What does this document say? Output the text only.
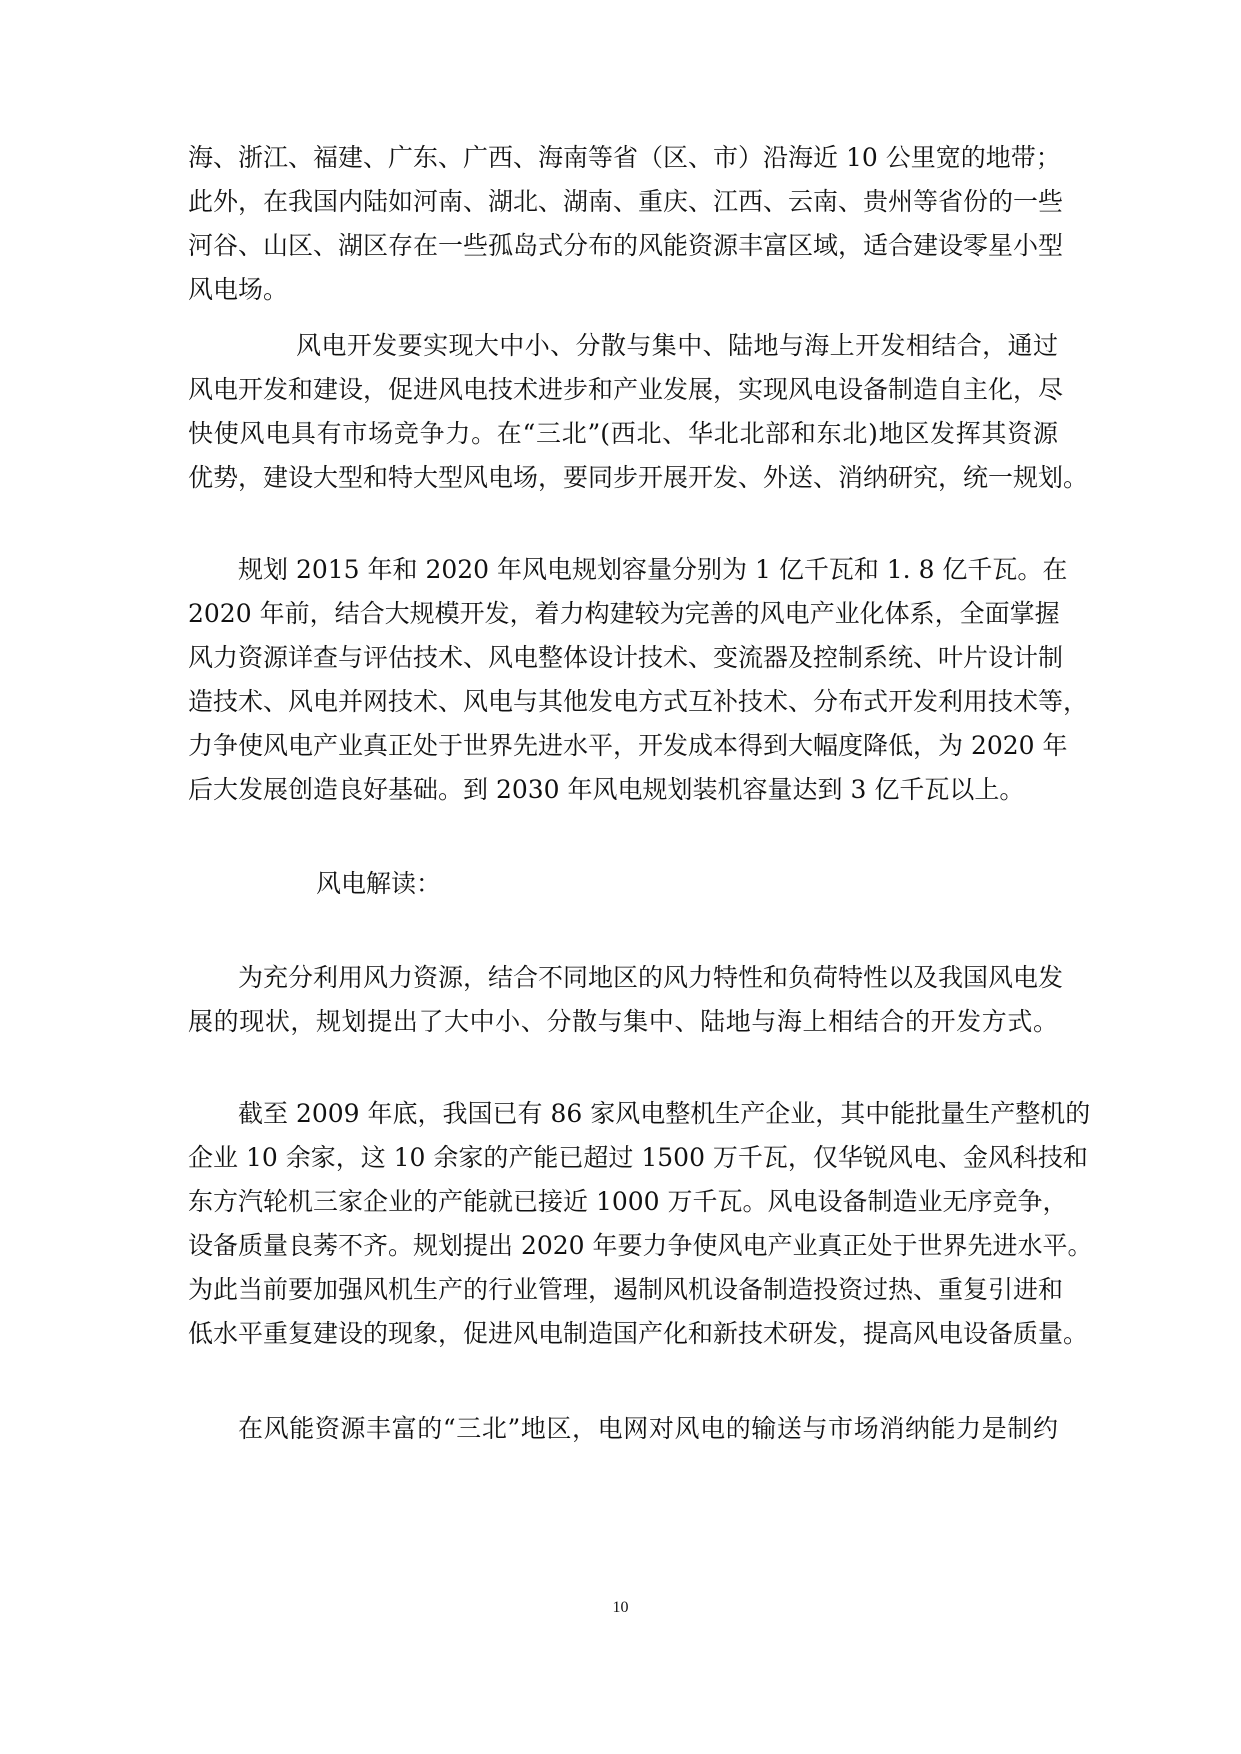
海、浙江、福建、广东、广西、海南等省（区、市）沿海近 10 公里宽的地带；
此外，在我国内陆如河南、湖北、湖南、重庆、江西、云南、贵州等省份的一些
河谷、山区、湖区存在一些孤岛式分布的风能资源丰富区域，适合建设零星小型
风电场。
风电开发要实现大中小、分散与集中、陆地与海上开发相结合，通过
风电开发和建设，促进风电技术进步和产业发展，实现风电设备制造自主化，尽
快使风电具有市场竞争力。在“三北”(西北、华北北部和东北)地区发挥其资源
优势，建设大型和特大型风电场，要同步开展开发、外送、消纳研究，统一规划。
规划 2015 年和 2020 年风电规划容量分别为 1 亿千瓦和 1. 8 亿千瓦。在
2020 年前，结合大规模开发，着力构建较为完善的风电产业化体系，全面掌握
风力资源详查与评估技术、风电整体设计技术、变流器及控制系统、叶片设计制
造技术、风电并网技术、风电与其他发电方式互补技术、分布式开发利用技术等，
力争使风电产业真正处于世界先进水平，开发成本得到大幅度降低，为 2020 年
后大发展创造良好基础。到 2030 年风电规划装机容量达到 3 亿千瓦以上。
风电解读：
为充分利用风力资源，结合不同地区的风力特性和负荷特性以及我国风电发
展的现状，规划提出了大中小、分散与集中、陆地与海上相结合的开发方式。
截至 2009 年底，我国已有 86 家风电整机生产企业，其中能批量生产整机的
企业 10 余家，这 10 余家的产能已超过 1500 万千瓦，仅华锐风电、金风科技和
东方汽轮机三家企业的产能就已接近 1000 万千瓦。风电设备制造业无序竞争，
设备质量良莠不齐。规划提出 2020 年要力争使风电产业真正处于世界先进水平。
为此当前要加强风机生产的行业管理，遏制风机设备制造投资过热、重复引进和
低水平重复建设的现象，促进风电制造国产化和新技术研发，提高风电设备质量。
在风能资源丰富的“三北”地区，电网对风电的输送与市场消纳能力是制约
10
